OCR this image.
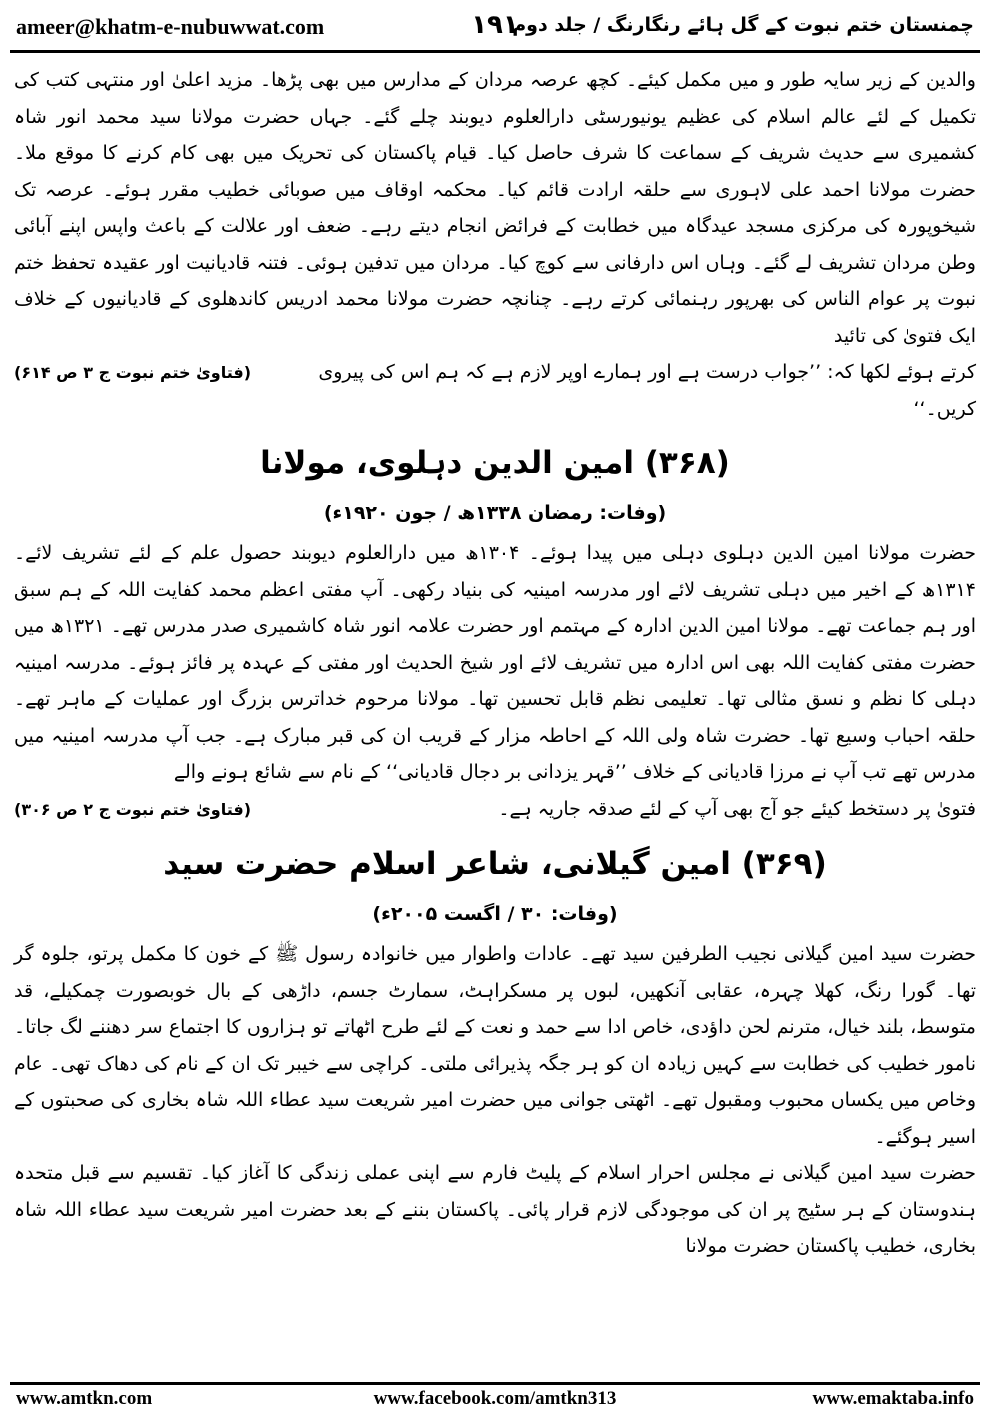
ameer@khatm-e-nubuwwat.com	۱۹۱
چمنستان ختم نبوت کے گل ہائے رنگارنگ / جلد دوم

والدین کے زیر سایہ طور و میں مکمل کیئے۔ کچھ عرصہ مردان کے مدارس میں بھی پڑھا۔ مزید اعلیٰ اور منتہی کتب کی تکمیل کے لئے عالم اسلام کی عظیم یونیورسٹی دارالعلوم دیوبند چلے گئے۔ جہاں حضرت مولانا سید محمد انور شاہ کشمیری سے حدیث شریف کے سماعت کا شرف حاصل کیا۔ قیام پاکستان کی تحریک میں بھی کام کرنے کا موقع ملا۔ حضرت مولانا احمد علی لاہوری سے حلقہ ارادت قائم کیا۔ محکمہ اوقاف میں صوبائی خطیب مقرر ہوئے۔ عرصہ تک شیخوپورہ کی مرکزی مسجد عیدگاہ میں خطابت کے فرائض انجام دیتے رہے۔ ضعف اور علالت کے باعث واپس اپنے آبائی وطن مردان تشریف لے گئے۔ وہاں اس دارفانی سے کوچ کیا۔ مردان میں تدفین ہوئی۔ فتنہ قادیانیت اور عقیدہ تحفظ ختم نبوت پر عوام الناس کی بھرپور رہنمائی کرتے رہے۔ چنانچہ حضرت مولانا محمد ادریس کاندھلوی کے قادیانیوں کے خلاف ایک فتویٰ کی تائید

کرتے ہوئے لکھا کہ: ’’جواب درست ہے اور ہمارے اوپر لازم ہے کہ ہم اس کی پیروی کریں۔‘‘
(فتاویٰ ختم نبوت ج ۳ ص ۶۱۴)
(۳۶۸) امین الدین دہلوی، مولانا
(وفات: رمضان ۱۳۳۸ھ / جون ۱۹۲۰ء)

حضرت مولانا امین الدین دہلوی دہلی میں پیدا ہوئے۔ ۱۳۰۴ھ میں دارالعلوم دیوبند حصول علم کے لئے تشریف لائے۔ ۱۳۱۴ھ کے اخیر میں دہلی تشریف لائے اور مدرسہ امینیہ کی بنیاد رکھی۔ آپ مفتی اعظم محمد کفایت اللہ کے ہم سبق اور ہم جماعت تھے۔ مولانا امین الدین ادارہ کے مہتمم اور حضرت علامہ انور شاہ کاشمیری صدر مدرس تھے۔ ۱۳۲۱ھ میں حضرت مفتی کفایت اللہ بھی اس ادارہ میں تشریف لائے اور شیخ الحدیث اور مفتی کے عہدہ پر فائز ہوئے۔ مدرسہ امینیہ دہلی کا نظم و نسق مثالی تھا۔ تعلیمی نظم قابل تحسین تھا۔ مولانا مرحوم خداترس بزرگ اور عملیات کے ماہر تھے۔ حلقہ احباب وسیع تھا۔ حضرت شاہ ولی اللہ کے احاطہ مزار کے قریب ان کی قبر مبارک ہے۔ جب آپ مدرسہ امینیہ میں مدرس تھے تب آپ نے مرزا قادیانی کے خلاف ’’قہر یزدانی بر دجال قادیانی‘‘ کے نام سے شائع ہونے والے

فتویٰ پر دستخط کیئے جو آج بھی آپ کے لئے صدقہ جاریہ ہے۔
(فتاویٰ ختم نبوت ج ۲ ص ۳۰۶)
(۳۶۹) امین گیلانی، شاعر اسلام حضرت سید
(وفات: ۳۰ / اگست ۲۰۰۵ء)

حضرت سید امین گیلانی نجیب الطرفین سید تھے۔ عادات واطوار میں خانوادہ رسول ﷺ کے خون کا مکمل پرتو، جلوہ گر تھا۔ گورا رنگ، کھلا چہرہ، عقابی آنکھیں، لبوں پر مسکراہٹ، سمارٹ جسم، داڑھی کے بال خوبصورت چمکیلے، قد متوسط، بلند خیال، مترنم لحن داؤدی، خاص ادا سے حمد و نعت کے لئے طرح اٹھاتے تو ہزاروں کا اجتماع سر دھننے لگ جاتا۔ نامور خطیب کی خطابت سے کہیں زیادہ ان کو ہر جگہ پذیرائی ملتی۔ کراچی سے خیبر تک ان کے نام کی دھاک تھی۔ عام وخاص میں یکساں محبوب ومقبول تھے۔ اٹھتی جوانی میں حضرت امیر شریعت سید عطاء اللہ شاہ بخاری کی صحبتوں کے اسیر ہوگئے۔

حضرت سید امین گیلانی نے مجلس احرار اسلام کے پلیٹ فارم سے اپنی عملی زندگی کا آغاز کیا۔ تقسیم سے قبل متحدہ ہندوستان کے ہر سٹیج پر ان کی موجودگی لازم قرار پائی۔ پاکستان بننے کے بعد حضرت امیر شریعت سید عطاء اللہ شاہ بخاری، خطیب پاکستان حضرت مولانا

www.amtkn.com	www.facebook.com/amtkn313	www.emaktaba.info
